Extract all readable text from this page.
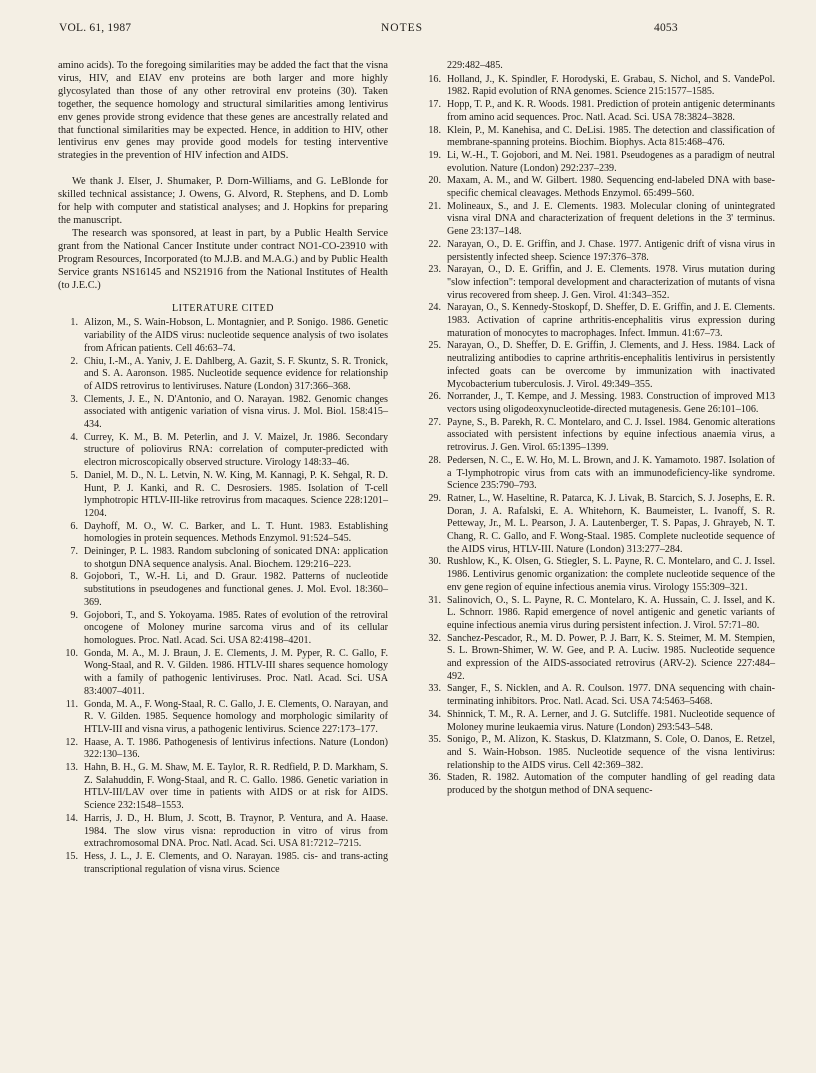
VOL. 61, 1987	NOTES	4053

amino acids). To the foregoing similarities may be added the fact that the visna virus, HIV, and EIAV env proteins are both larger and more highly glycosylated than those of any other retroviral env proteins (30). Taken together, the sequence homology and structural similarities among lentivirus env genes provide strong evidence that these genes are ancestrally related and that functional similarities may be expected. Hence, in addition to HIV, other lentivirus env genes may provide good models for testing interventive strategies in the prevention of HIV infection and AIDS.

We thank J. Elser, J. Shumaker, P. Dorn-Williams, and G. LeBlonde for skilled technical assistance; J. Owens, G. Alvord, R. Stephens, and D. Lomb for help with computer and statistical analyses; and J. Hopkins for preparing the manuscript.

The research was sponsored, at least in part, by a Public Health Service grant from the National Cancer Institute under contract NO1-CO-23910 with Program Resources, Incorporated (to M.J.B. and M.A.G.) and by Public Health Service grants NS16145 and NS21916 from the National Institutes of Health (to J.E.C.)

LITERATURE CITED

1. Alizon, M., S. Wain-Hobson, L. Montagnier, and P. Sonigo. 1986. Genetic variability of the AIDS virus: nucleotide sequence analysis of two isolates from African patients. Cell 46:63–74.

2. Chiu, I.-M., A. Yaniv, J. E. Dahlberg, A. Gazit, S. F. Skuntz, S. R. Tronick, and S. A. Aaronson. 1985. Nucleotide sequence evidence for relationship of AIDS retrovirus to lentiviruses. Nature (London) 317:366–368.

3. Clements, J. E., N. D'Antonio, and O. Narayan. 1982. Genomic changes associated with antigenic variation of visna virus. J. Mol. Biol. 158:415–434.

4. Currey, K. M., B. M. Peterlin, and J. V. Maizel, Jr. 1986. Secondary structure of poliovirus RNA: correlation of computer-predicted with electron microscopically observed structure. Virology 148:33–46.

5. Daniel, M. D., N. L. Letvin, N. W. King, M. Kannagi, P. K. Sehgal, R. D. Hunt, P. J. Kanki, and R. C. Desrosiers. 1985. Isolation of T-cell lymphotropic HTLV-III-like retrovirus from macaques. Science 228:1201–1204.

6. Dayhoff, M. O., W. C. Barker, and L. T. Hunt. 1983. Establishing homologies in protein sequences. Methods Enzymol. 91:524–545.

7. Deininger, P. L. 1983. Random subcloning of sonicated DNA: application to shotgun DNA sequence analysis. Anal. Biochem. 129:216–223.

8. Gojobori, T., W.-H. Li, and D. Graur. 1982. Patterns of nucleotide substitutions in pseudogenes and functional genes. J. Mol. Evol. 18:360–369.

9. Gojobori, T., and S. Yokoyama. 1985. Rates of evolution of the retroviral oncogene of Moloney murine sarcoma virus and of its cellular homologues. Proc. Natl. Acad. Sci. USA 82:4198–4201.

10. Gonda, M. A., M. J. Braun, J. E. Clements, J. M. Pyper, R. C. Gallo, F. Wong-Staal, and R. V. Gilden. 1986. HTLV-III shares sequence homology with a family of pathogenic lentiviruses. Proc. Natl. Acad. Sci. USA 83:4007–4011.

11. Gonda, M. A., F. Wong-Staal, R. C. Gallo, J. E. Clements, O. Narayan, and R. V. Gilden. 1985. Sequence homology and morphologic similarity of HTLV-III and visna virus, a pathogenic lentivirus. Science 227:173–177.

12. Haase, A. T. 1986. Pathogenesis of lentivirus infections. Nature (London) 322:130–136.

13. Hahn, B. H., G. M. Shaw, M. E. Taylor, R. R. Redfield, P. D. Markham, S. Z. Salahuddin, F. Wong-Staal, and R. C. Gallo. 1986. Genetic variation in HTLV-III/LAV over time in patients with AIDS or at risk for AIDS. Science 232:1548–1553.

14. Harris, J. D., H. Blum, J. Scott, B. Traynor, P. Ventura, and A. Haase. 1984. The slow virus visna: reproduction in vitro of virus from extrachromosomal DNA. Proc. Natl. Acad. Sci. USA 81:7212–7215.

15. Hess, J. L., J. E. Clements, and O. Narayan. 1985. cis- and trans-acting transcriptional regulation of visna virus. Science

229:482–485.

16. Holland, J., K. Spindler, F. Horodyski, E. Grabau, S. Nichol, and S. VandePol. 1982. Rapid evolution of RNA genomes. Science 215:1577–1585.

17. Hopp, T. P., and K. R. Woods. 1981. Prediction of protein antigenic determinants from amino acid sequences. Proc. Natl. Acad. Sci. USA 78:3824–3828.

18. Klein, P., M. Kanehisa, and C. DeLisi. 1985. The detection and classification of membrane-spanning proteins. Biochim. Biophys. Acta 815:468–476.

19. Li, W.-H., T. Gojobori, and M. Nei. 1981. Pseudogenes as a paradigm of neutral evolution. Nature (London) 292:237–239.

20. Maxam, A. M., and W. Gilbert. 1980. Sequencing end-labeled DNA with base-specific chemical cleavages. Methods Enzymol. 65:499–560.

21. Molineaux, S., and J. E. Clements. 1983. Molecular cloning of unintegrated visna viral DNA and characterization of frequent deletions in the 3' terminus. Gene 23:137–148.

22. Narayan, O., D. E. Griffin, and J. Chase. 1977. Antigenic drift of visna virus in persistently infected sheep. Science 197:376–378.

23. Narayan, O., D. E. Griffin, and J. E. Clements. 1978. Virus mutation during "slow infection": temporal development and characterization of mutants of visna virus recovered from sheep. J. Gen. Virol. 41:343–352.

24. Narayan, O., S. Kennedy-Stoskopf, D. Sheffer, D. E. Griffin, and J. E. Clements. 1983. Activation of caprine arthritis-encephalitis virus expression during maturation of monocytes to macrophages. Infect. Immun. 41:67–73.

25. Narayan, O., D. Sheffer, D. E. Griffin, J. Clements, and J. Hess. 1984. Lack of neutralizing antibodies to caprine arthritis-encephalitis lentivirus in persistently infected goats can be overcome by immunization with inactivated Mycobacterium tuberculosis. J. Virol. 49:349–355.

26. Norrander, J., T. Kempe, and J. Messing. 1983. Construction of improved M13 vectors using oligodeoxynucleotide-directed mutagenesis. Gene 26:101–106.

27. Payne, S., B. Parekh, R. C. Montelaro, and C. J. Issel. 1984. Genomic alterations associated with persistent infections by equine infectious anaemia virus, a retrovirus. J. Gen. Virol. 65:1395–1399.

28. Pedersen, N. C., E. W. Ho, M. L. Brown, and J. K. Yamamoto. 1987. Isolation of a T-lymphotropic virus from cats with an immunodeficiency-like syndrome. Science 235:790–793.

29. Ratner, L., W. Haseltine, R. Patarca, K. J. Livak, B. Starcich, S. J. Josephs, E. R. Doran, J. A. Rafalski, E. A. Whitehorn, K. Baumeister, L. Ivanoff, S. R. Petteway, Jr., M. L. Pearson, J. A. Lautenberger, T. S. Papas, J. Ghrayeb, N. T. Chang, R. C. Gallo, and F. Wong-Staal. 1985. Complete nucleotide sequence of the AIDS virus, HTLV-III. Nature (London) 313:277–284.

30. Rushlow, K., K. Olsen, G. Stiegler, S. L. Payne, R. C. Montelaro, and C. J. Issel. 1986. Lentivirus genomic organization: the complete nucleotide sequence of the env gene region of equine infectious anemia virus. Virology 155:309–321.

31. Salinovich, O., S. L. Payne, R. C. Montelaro, K. A. Hussain, C. J. Issel, and K. L. Schnorr. 1986. Rapid emergence of novel antigenic and genetic variants of equine infectious anemia virus during persistent infection. J. Virol. 57:71–80.

32. Sanchez-Pescador, R., M. D. Power, P. J. Barr, K. S. Steimer, M. M. Stempien, S. L. Brown-Shimer, W. W. Gee, and P. A. Luciw. 1985. Nucleotide sequence and expression of the AIDS-associated retrovirus (ARV-2). Science 227:484–492.

33. Sanger, F., S. Nicklen, and A. R. Coulson. 1977. DNA sequencing with chain-terminating inhibitors. Proc. Natl. Acad. Sci. USA 74:5463–5468.

34. Shinnick, T. M., R. A. Lerner, and J. G. Sutcliffe. 1981. Nucleotide sequence of Moloney murine leukaemia virus. Nature (London) 293:543–548.

35. Sonigo, P., M. Alizon, K. Staskus, D. Klatzmann, S. Cole, O. Danos, E. Retzel, and S. Wain-Hobson. 1985. Nucleotide sequence of the visna lentivirus: relationship to the AIDS virus. Cell 42:369–382.

36. Staden, R. 1982. Automation of the computer handling of gel reading data produced by the shotgun method of DNA sequenc-
